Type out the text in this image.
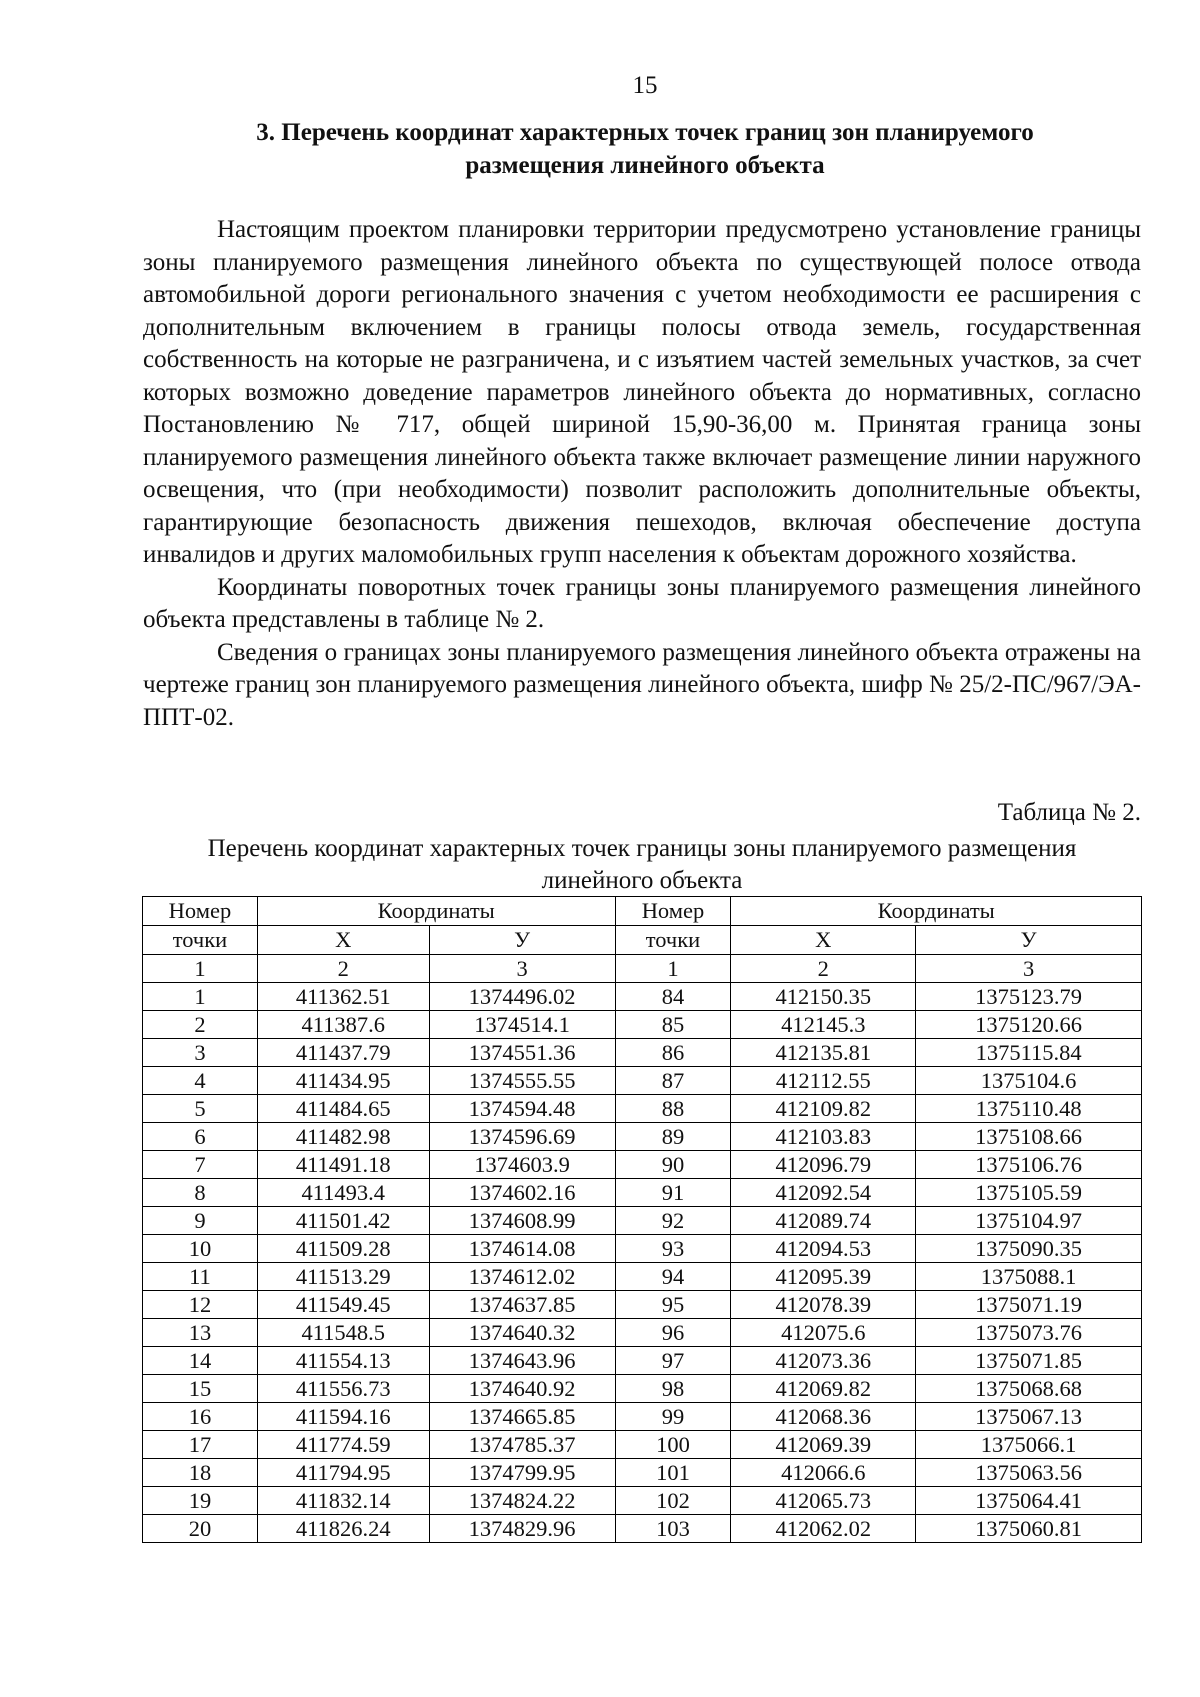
15
3. Перечень координат характерных точек границ зон планируемого
размещения линейного объекта

Настоящим проектом планировки территории предусмотрено установление границы зоны планируемого размещения линейного объекта по существующей полосе отвода автомобильной дороги регионального значения с учетом необходимости ее расширения с дополнительным включением в границы полосы отвода земель, государственная собственность на которые не разграничена, и с изъятием частей земельных участков, за счет которых возможно доведение параметров линейного объекта до нормативных, согласно Постановлению № 717, общей шириной 15,90-36,00 м. Принятая граница зоны планируемого размещения линейного объекта также включает размещение линии наружного освещения, что (при необходимости) позволит расположить дополнительные объекты, гарантирующие безопасность движения пешеходов, включая обеспечение доступа инвалидов и других маломобильных групп населения к объектам дорожного хозяйства.

Координаты поворотных точек границы зоны планируемого размещения линейного объекта представлены в таблице № 2.

Сведения о границах зоны планируемого размещения линейного объекта отражены на чертеже границ зон планируемого размещения линейного объекта, шифр № 25/2-ПС/967/ЭА-ППТ-02.

Таблица № 2.
Перечень координат характерных точек границы зоны планируемого размещения
линейного объекта
Номер	Координаты		Номер	Координаты	
точки	Х	У	точки	Х	У
1	2	3	1	2	3
1	411362.51	1374496.02	84	412150.35	1375123.79
2	411387.6	1374514.1	85	412145.3	1375120.66
3	411437.79	1374551.36	86	412135.81	1375115.84
4	411434.95	1374555.55	87	412112.55	1375104.6
5	411484.65	1374594.48	88	412109.82	1375110.48
6	411482.98	1374596.69	89	412103.83	1375108.66
7	411491.18	1374603.9	90	412096.79	1375106.76
8	411493.4	1374602.16	91	412092.54	1375105.59
9	411501.42	1374608.99	92	412089.74	1375104.97
10	411509.28	1374614.08	93	412094.53	1375090.35
11	411513.29	1374612.02	94	412095.39	1375088.1
12	411549.45	1374637.85	95	412078.39	1375071.19
13	411548.5	1374640.32	96	412075.6	1375073.76
14	411554.13	1374643.96	97	412073.36	1375071.85
15	411556.73	1374640.92	98	412069.82	1375068.68
16	411594.16	1374665.85	99	412068.36	1375067.13
17	411774.59	1374785.37	100	412069.39	1375066.1
18	411794.95	1374799.95	101	412066.6	1375063.56
19	411832.14	1374824.22	102	412065.73	1375064.41
20	411826.24	1374829.96	103	412062.02	1375060.81
